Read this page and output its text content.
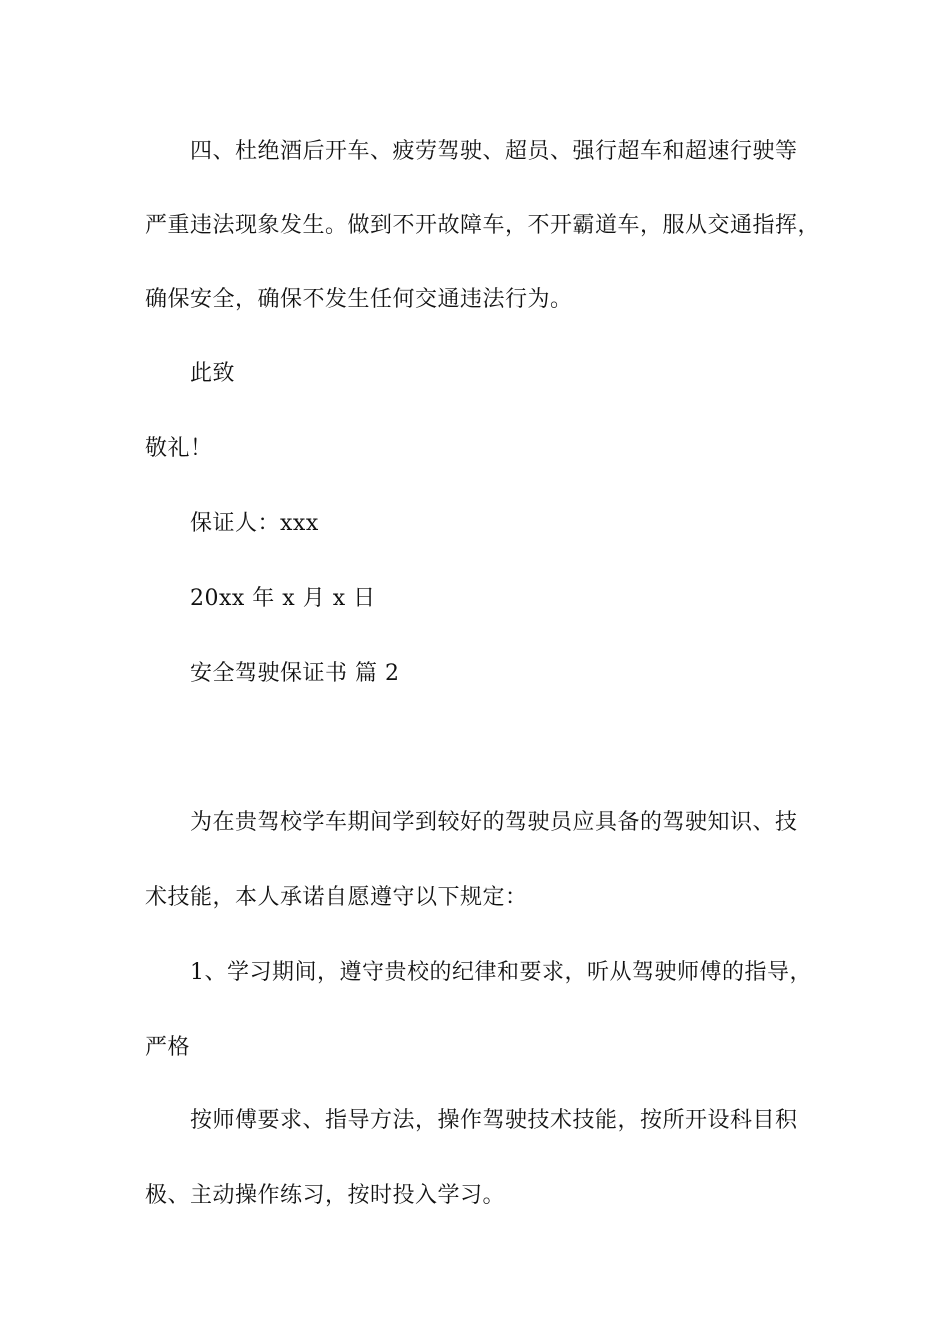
四、杜绝酒后开车、疲劳驾驶、超员、强行超车和超速行驶等
严重违法现象发生。做到不开故障车，不开霸道车，服从交通指挥，
确保安全，确保不发生任何交通违法行为。
此致
敬礼！
保证人：xxx
20xx 年 x 月 x 日
安全驾驶保证书 篇 2
为在贵驾校学车期间学到较好的驾驶员应具备的驾驶知识、技
术技能，本人承诺自愿遵守以下规定：
1、学习期间，遵守贵校的纪律和要求，听从驾驶师傅的指导，
严格
按师傅要求、指导方法，操作驾驶技术技能，按所开设科目积
极、主动操作练习，按时投入学习。
